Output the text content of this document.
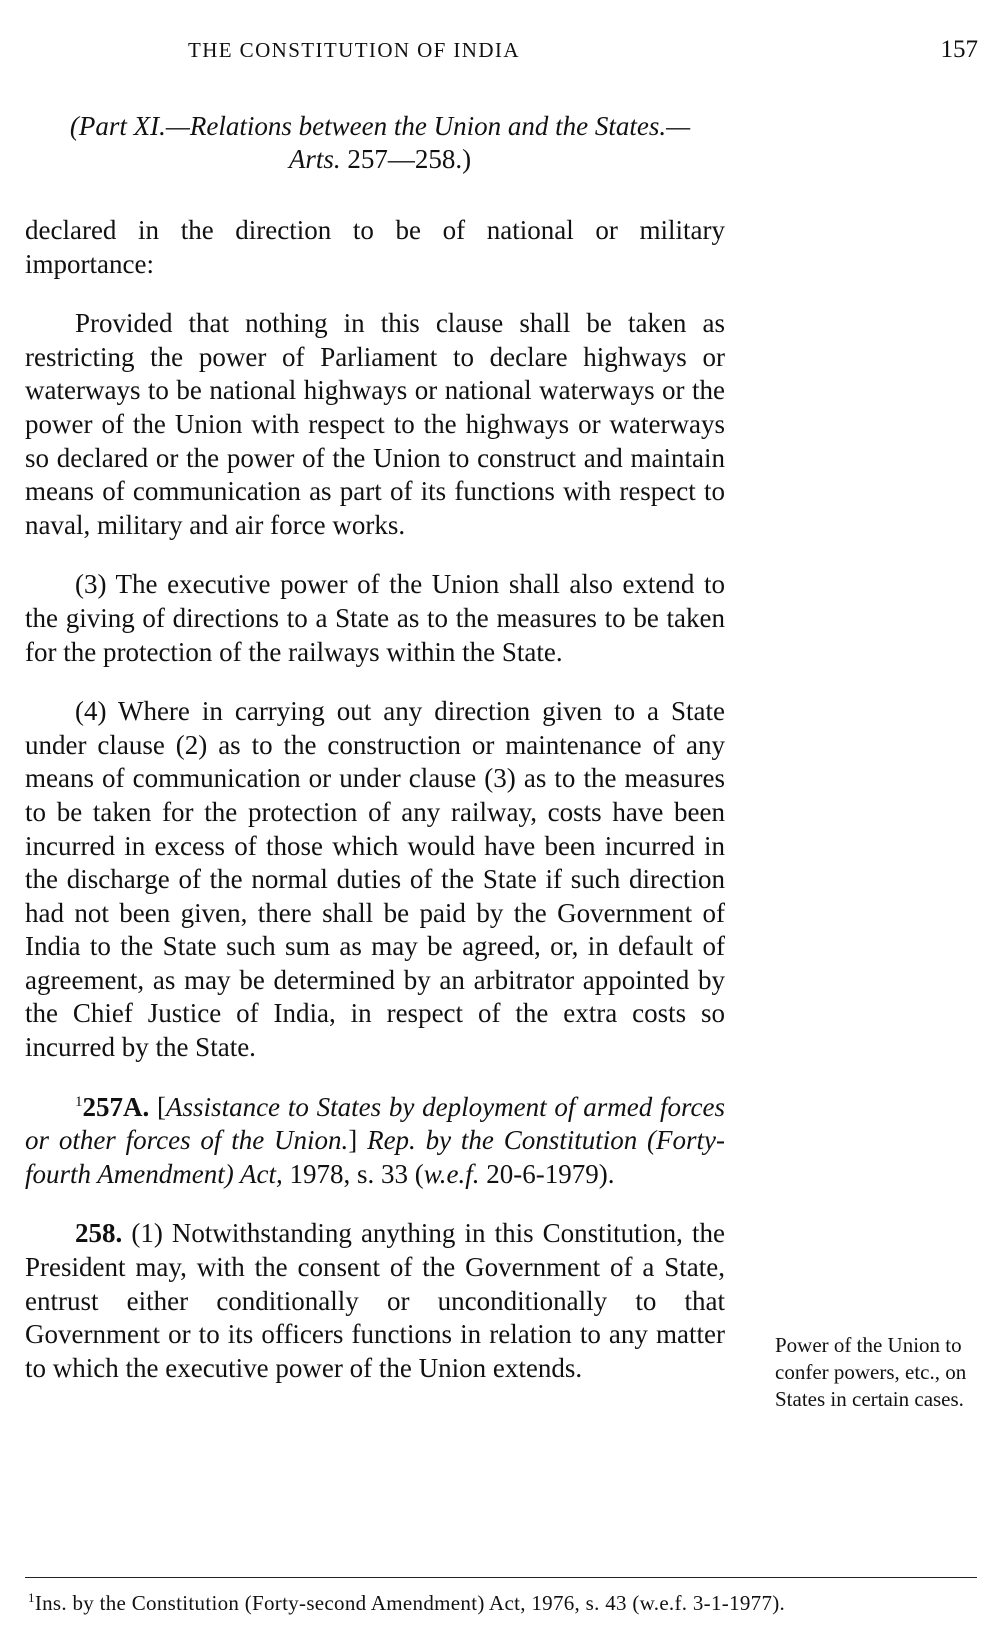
THE CONSTITUTION OF INDIA	157
(Part XI.—Relations between the Union and the States.—
Arts. 257—258.)

declared in the direction to be of national or military importance:

Provided that nothing in this clause shall be taken as restricting the power of Parliament to declare highways or waterways to be national highways or national waterways or the power of the Union with respect to the highways or waterways so declared or the power of the Union to construct and maintain means of communication as part of its functions with respect to naval, military and air force works.

(3) The executive power of the Union shall also extend to the giving of directions to a State as to the measures to be taken for the protection of the railways within the State.

(4) Where in carrying out any direction given to a State under clause (2) as to the construction or maintenance of any means of communication or under clause (3) as to the measures to be taken for the protection of any railway, costs have been incurred in excess of those which would have been incurred in the discharge of the normal duties of the State if such direction had not been given, there shall be paid by the Government of India to the State such sum as may be agreed, or, in default of agreement, as may be determined by an arbitrator appointed by the Chief Justice of India, in respect of the extra costs so incurred by the State.

$^1$257A. [Assistance to States by deployment of armed forces or other forces of the Union.] Rep. by the Constitution (Forty-fourth Amendment) Act, 1978, s. 33 (w.e.f. 20-6-1979).

258. (1) Notwithstanding anything in this Constitution, the President may, with the consent of the Government of a State, entrust either conditionally or unconditionally to that Government or to its officers functions in relation to any matter to which the executive power of the Union extends.

Power of the Union to confer powers, etc., on States in certain cases.
$^1$Ins. by the Constitution (Forty-second Amendment) Act, 1976, s. 43 (w.e.f. 3-1-1977).
